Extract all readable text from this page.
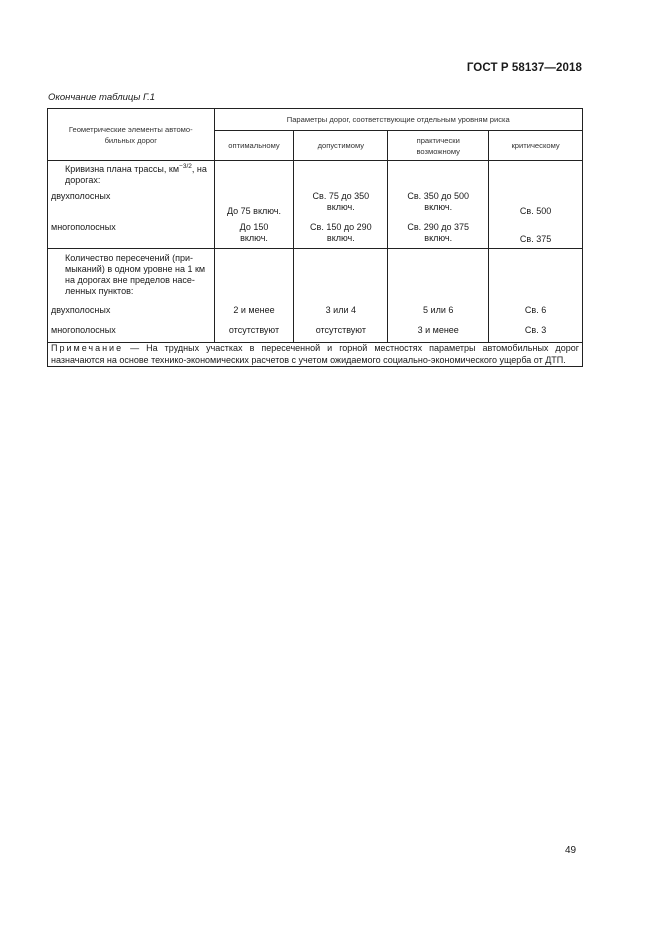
ГОСТ Р 58137—2018
Окончание таблицы Г.1
Геометрические элементы автомо-бильных дорог	Параметры дорог, соответствующие отдельным уровням риска			
	оптимальному	допустимому	практически возможному	критическому
Кривизна плана трассы, $км^{-3/2}$, на дорогах:				
двухполосных	До 75 включ.	Св. 75 до 350 включ.	Св. 350 до 500 включ.	Св. 500
многополосных	До 150 включ.	Св. 150 до 290 включ.	Св. 290 до 375 включ.	Св. 375

Количество пересечений (при-
мыканий) в одном уровне на 1 км
на дорогах вне пределов насе-
ленных пунктов:				

двухполосных	2 и менее	3 или 4	5 или 6	Св. 6
многополосных	отсутствуют	отсутствуют	3 и менее	Св. 3
Примечание — На трудных участках в пересеченной и горной местностях параметры автомобильных дорог назначаются на основе технико-экономических расчетов с учетом ожидаемого социально-экономического ущерба от ДТП.				
49
